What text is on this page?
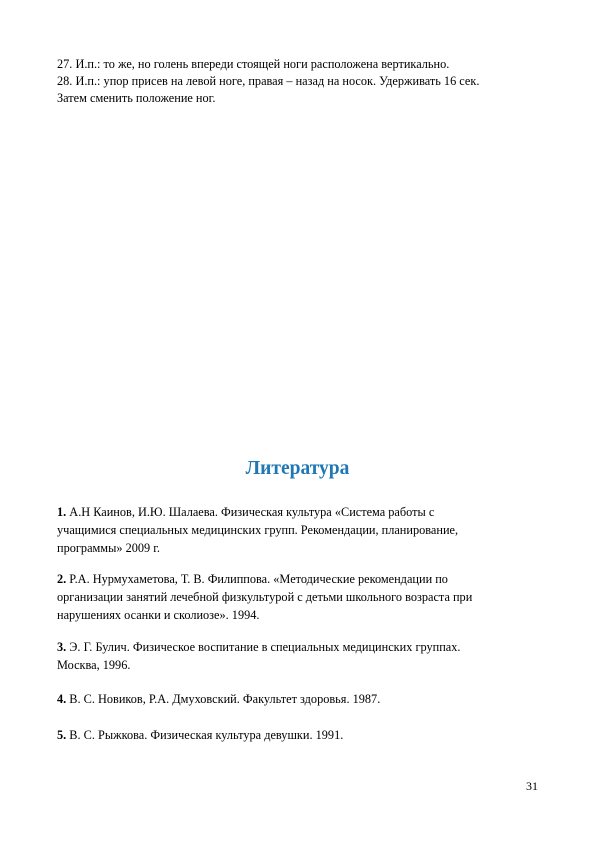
27. И.п.: то же, но голень впереди стоящей ноги расположена вертикально.
28. И.п.: упор присев на левой ноге, правая – назад на носок. Удерживать 16 сек.
Затем сменить положение ног.
Литература
1. А.Н Каинов, И.Ю. Шалаева. Физическая культура «Система работы с
учащимися специальных медицинских групп. Рекомендации, планирование,
программы» 2009 г.
2. Р.А. Нурмухаметова, Т. В. Филиппова. «Методические рекомендации по
организации занятий лечебной физкультурой с детьми школьного возраста при
нарушениях осанки и сколиозе». 1994.
3. Э. Г. Булич. Физическое воспитание в специальных медицинских группах.
Москва, 1996.
4. В. С. Новиков, Р.А. Дмуховский. Факультет здоровья. 1987.
5. В. С. Рыжкова. Физическая культура девушки. 1991.
31
